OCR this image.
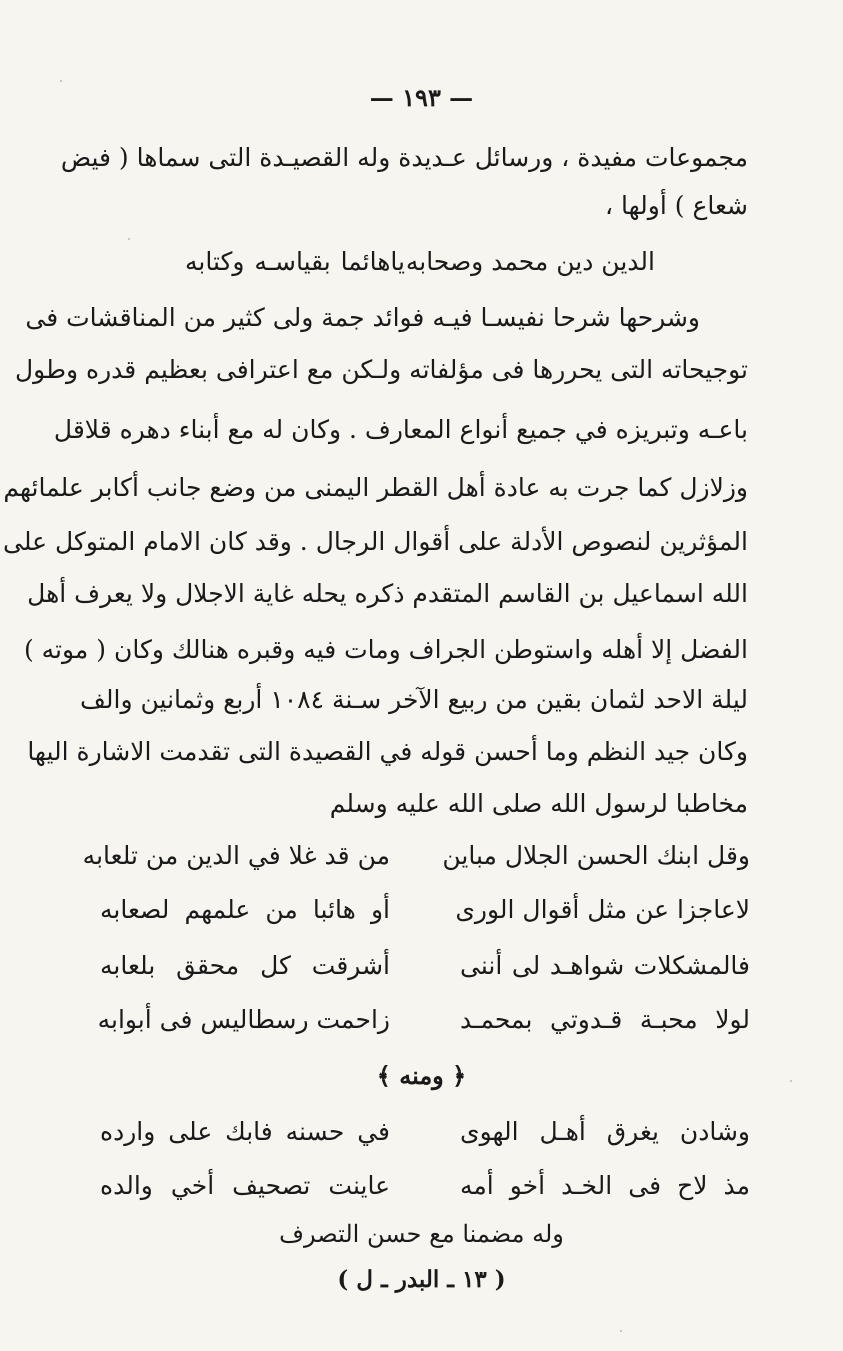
— ١٩٣ —
مجموعات مفيدة ، ورسائل عـديدة وله القصيـدة التى سماها ( فيض
شعاع ) أولها ،
الدين دين محمد وصحابه
ياهائما بقياسـه وكتابه
وشرحها شرحا نفيسـا فيـه فوائد جمة ولى كثير من المناقشات فى
توجيحاته التى يحررها فى مؤلفاته ولـكن مع اعترافى بعظيم قدره وطول
باعـه وتبريزه في جميع أنواع المعارف . وكان له مع أبناء دهره قلاقل
وزلازل كما جرت به عادة أهل القطر اليمنى من وضع جانب أكابر علمائهم
المؤثرين لنصوص الأدلة على أقوال الرجال . وقد كان الامام المتوكل على
الله اسماعيل بن القاسم المتقدم ذكره يحله غاية الاجلال ولا يعرف أهل
الفضل إلا أهله واستوطن الجراف ومات فيه وقبره هنالك وكان ( موته )
ليلة الاحد لثمان بقين من ربيع الآخر سـنة ١٠٨٤ أربع وثمانين والف
وكان جيد النظم وما أحسن قوله في القصيدة التى تقدمت الاشارة اليها
مخاطبا لرسول الله صلى الله عليه وسلم
وقل ابنك الحسن الجلال مباين
من قد غلا في الدين من تلعابه
لاعاجزا عن مثل أقوال الورى
أو هائبا من علمهم لصعابه
فالمشكلات شواهـد لى أننى
أشرقت كل محقق بلعابه
لولا محبـة قـدوتي بمحمـد
زاحمت رسطاليس فى أبوابه
﴿ ومنه ﴾
وشادن يغرق أهـل الهوى
في حسنه فابك على وارده
مذ لاح فى الخـد أخو أمه
عاينت تصحيف أخي والده
وله مضمنا مع حسن التصرف
( ١٣ ـ البدر ـ ل )
